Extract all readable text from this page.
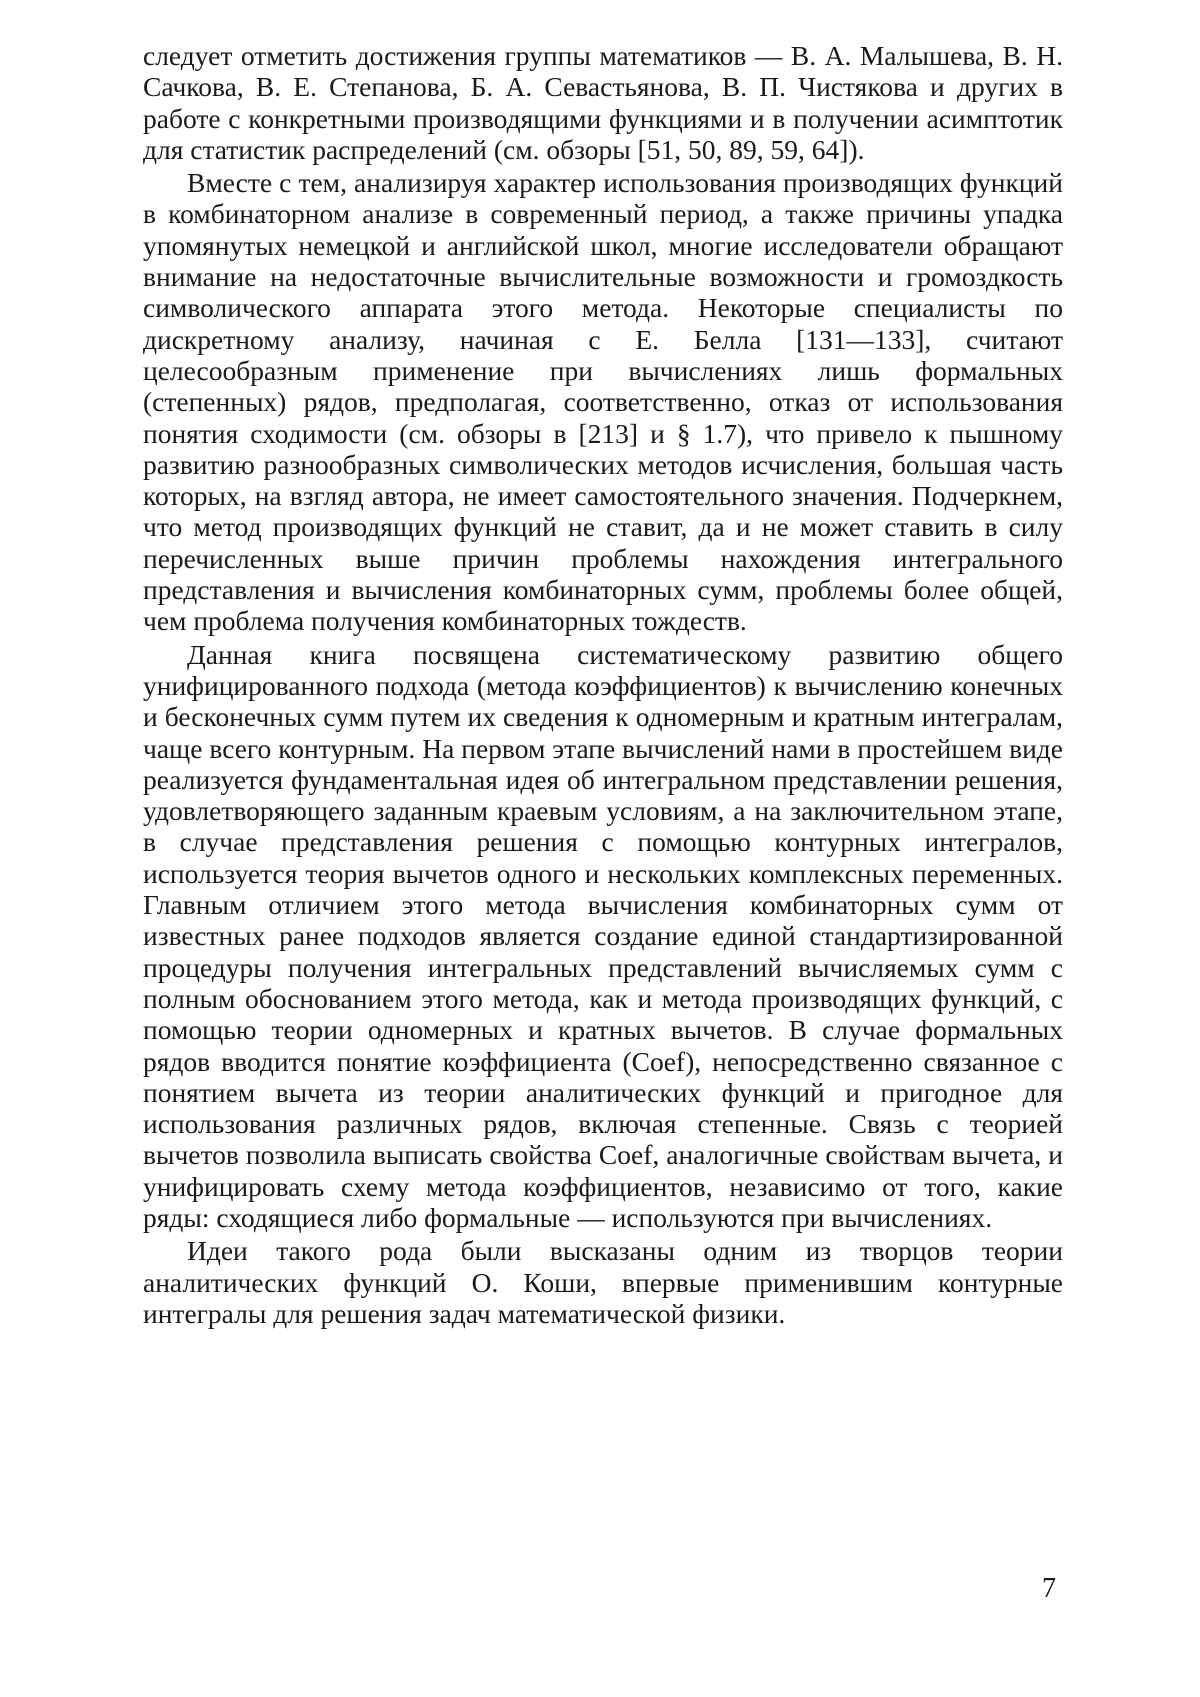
следует отметить достижения группы математиков — В. А. Малышева, В. Н. Сачкова, В. Е. Степанова, Б. А. Севастьянова, В. П. Чистякова и других в работе с конкретными производящими функциями и в получении асимптотик для статистик распределений (см. обзоры [51, 50, 89, 59, 64]).

Вместе с тем, анализируя характер использования производящих функций в комбинаторном анализе в современный период, а также причины упадка упомянутых немецкой и английской школ, многие исследователи обращают внимание на недостаточные вычислительные возможности и громоздкость символического аппарата этого метода. Некоторые специалисты по дискретному анализу, начиная с Е. Белла [131—133], считают целесообразным применение при вычислениях лишь формальных (степенных) рядов, предполагая, соответственно, отказ от использования понятия сходимости (см. обзоры в [213] и § 1.7), что привело к пышному развитию разнообразных символических методов исчисления, большая часть которых, на взгляд автора, не имеет самостоятельного значения. Подчеркнем, что метод производящих функций не ставит, да и не может ставить в силу перечисленных выше причин проблемы нахождения интегрального представления и вычисления комбинаторных сумм, проблемы более общей, чем проблема получения комбинаторных тождеств.

Данная книга посвящена систематическому развитию общего унифицированного подхода (метода коэффициентов) к вычислению конечных и бесконечных сумм путем их сведения к одномерным и кратным интегралам, чаще всего контурным. На первом этапе вычислений нами в простейшем виде реализуется фундаментальная идея об интегральном представлении решения, удовлетворяющего заданным краевым условиям, а на заключительном этапе, в случае представления решения с помощью контурных интегралов, используется теория вычетов одного и нескольких комплексных переменных. Главным отличием этого метода вычисления комбинаторных сумм от известных ранее подходов является создание единой стандартизированной процедуры получения интегральных представлений вычисляемых сумм с полным обоснованием этого метода, как и метода производящих функций, с помощью теории одномерных и кратных вычетов. В случае формальных рядов вводится понятие коэффициента (Coef), непосредственно связанное с понятием вычета из теории аналитических функций и пригодное для использования различных рядов, включая степенные. Связь с теорией вычетов позволила выписать свойства Coef, аналогичные свойствам вычета, и унифицировать схему метода коэффициентов, независимо от того, какие ряды: сходящиеся либо формальные — используются при вычислениях.

Идеи такого рода были высказаны одним из творцов теории аналитических функций О. Коши, впервые применившим контурные интегралы для решения задач математической физики.

7
